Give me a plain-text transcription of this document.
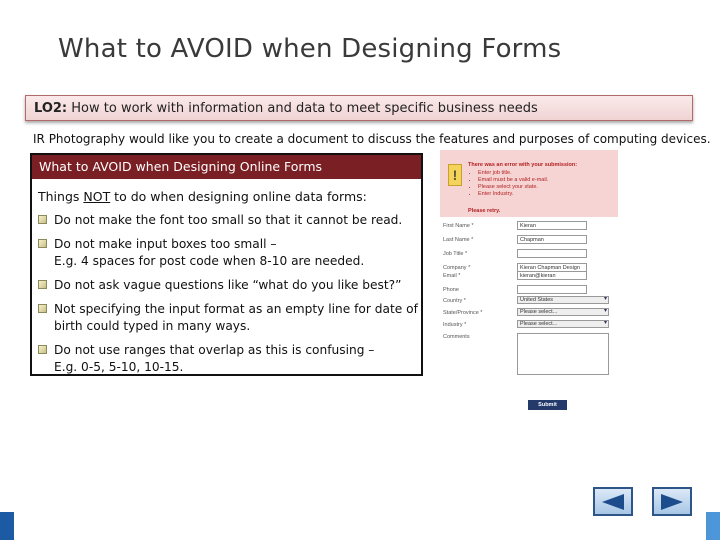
What to AVOID when Designing Forms
LO2: How to work with information and data to meet specific business needs
IR Photography would like you to create a document to discuss the features and purposes of computing devices.
What to AVOID when Designing Online Forms
Things NOT to do when designing online data forms:
Do not make the font too small so that it cannot be read.
Do not make input boxes too small –
E.g. 4 spaces for post code when 8-10 are needed.
Do not ask vague questions like “what do you like best?”
Not specifying the input format as an empty line for date of
birth could typed in many ways.
Do not use ranges that overlap as this is confusing –
E.g. 0-5, 5-10, 10-15.
!
There was an error with your submission:
• Enter job title.
• Email must be a valid e-mail.
• Please select your state.
• Enter Industry.
Please retry.
First Name *	Kieran
Last Name *	Chapman
Job Title *
Company *	Kieran Chapman Design
Email *	kieran@kieran
Phone
Country *	United States ▾
State/Province *	Please select... ▾
Industry *	Please select... ▾
Comments
Submit
